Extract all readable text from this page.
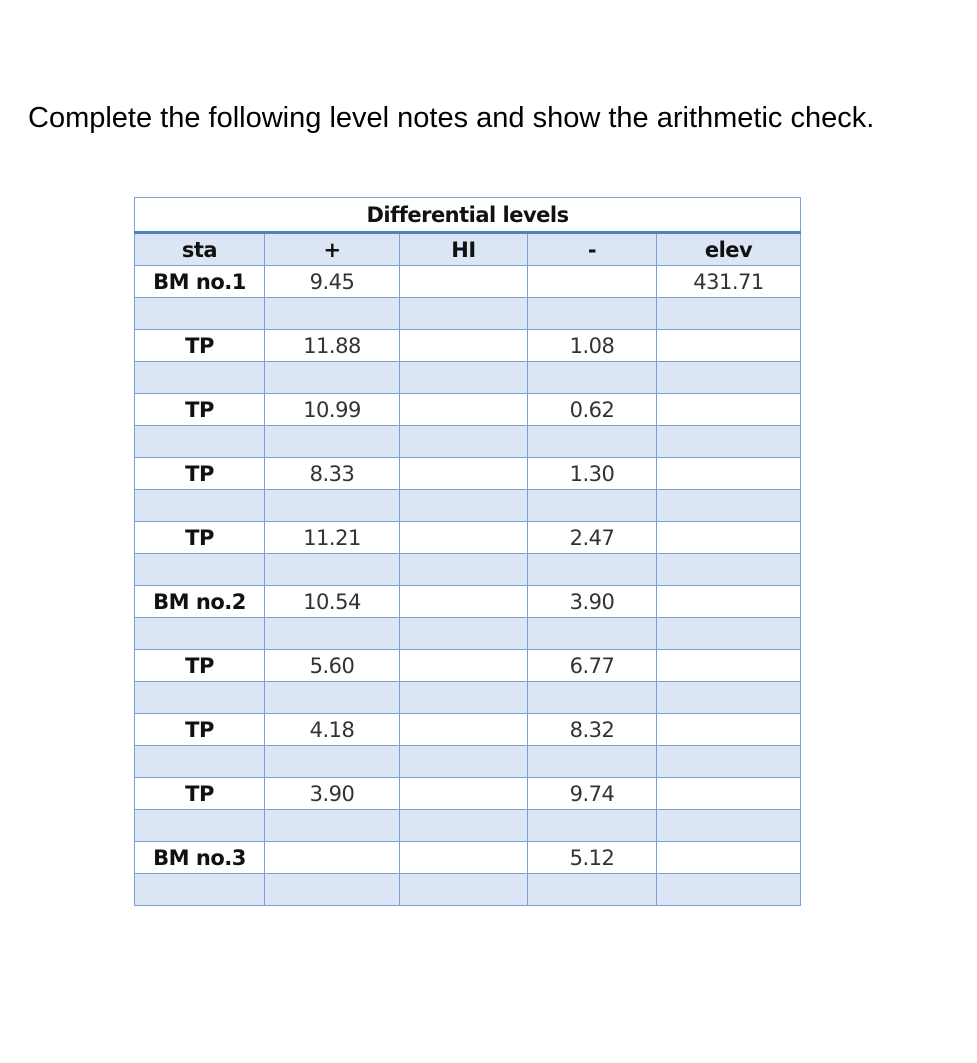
Complete the following level notes and show the arithmetic check.
Differential levels				
sta	+	HI	-	elev
BM no.1	9.45			431.71

TP	11.88		1.08	

TP	10.99		0.62	

TP	8.33		1.30	

TP	11.21		2.47	

BM no.2	10.54		3.90	

TP	5.60		6.77	

TP	4.18		8.32	

TP	3.90		9.74	

BM no.3			5.12	
